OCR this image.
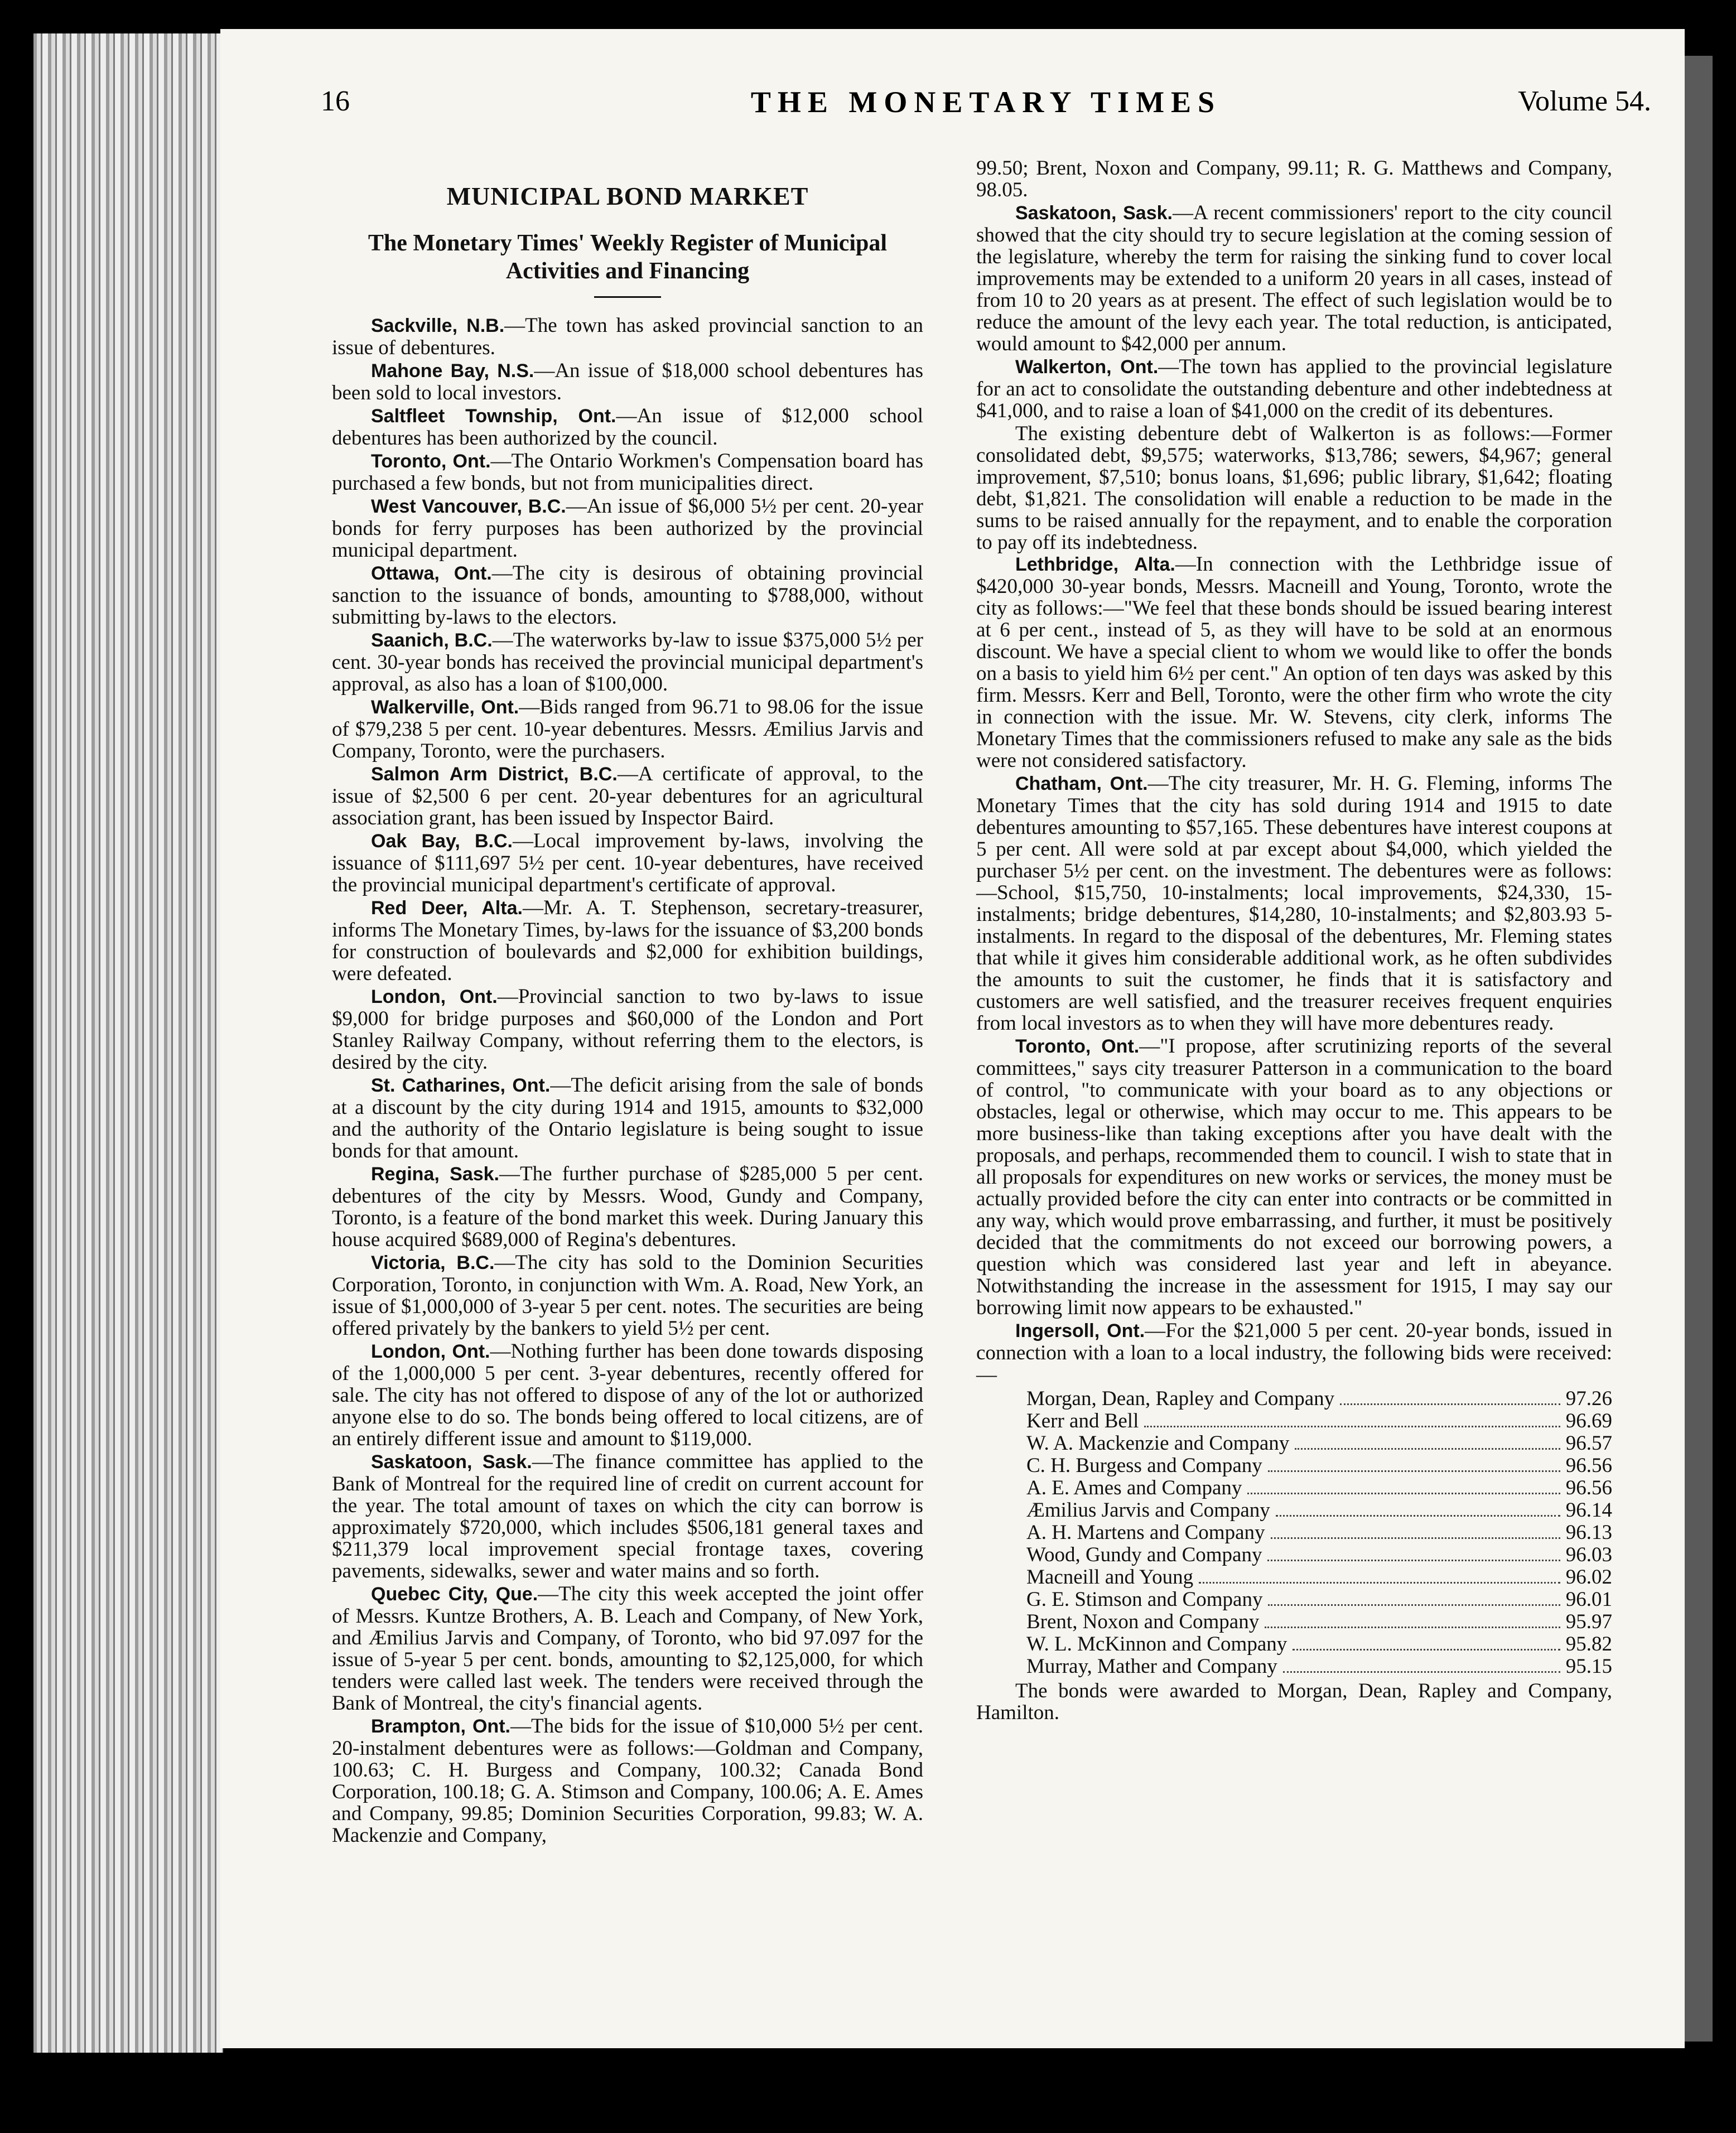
16	THE MONETARY TIMES	Volume 54.
MUNICIPAL BOND MARKET
The Monetary Times' Weekly Register of Municipal Activities and Financing

Sackville, N.B.—The town has asked provincial sanction to an issue of debentures.

Mahone Bay, N.S.—An issue of $18,000 school debentures has been sold to local investors.

Saltfleet Township, Ont.—An issue of $12,000 school debentures has been authorized by the council.

Toronto, Ont.—The Ontario Workmen's Compensation board has purchased a few bonds, but not from municipalities direct.

West Vancouver, B.C.—An issue of $6,000 5½ per cent. 20-year bonds for ferry purposes has been authorized by the provincial municipal department.

Ottawa, Ont.—The city is desirous of obtaining provincial sanction to the issuance of bonds, amounting to $788,000, without submitting by-laws to the electors.

Saanich, B.C.—The waterworks by-law to issue $375,000 5½ per cent. 30-year bonds has received the provincial municipal department's approval, as also has a loan of $100,000.

Walkerville, Ont.—Bids ranged from 96.71 to 98.06 for the issue of $79,238 5 per cent. 10-year debentures. Messrs. Æmilius Jarvis and Company, Toronto, were the purchasers.

Salmon Arm District, B.C.—A certificate of approval, to the issue of $2,500 6 per cent. 20-year debentures for an agricultural association grant, has been issued by Inspector Baird.

Oak Bay, B.C.—Local improvement by-laws, involving the issuance of $111,697 5½ per cent. 10-year debentures, have received the provincial municipal department's certificate of approval.

Red Deer, Alta.—Mr. A. T. Stephenson, secretary-treasurer, informs The Monetary Times, by-laws for the issuance of $3,200 bonds for construction of boulevards and $2,000 for exhibition buildings, were defeated.

London, Ont.—Provincial sanction to two by-laws to issue $9,000 for bridge purposes and $60,000 of the London and Port Stanley Railway Company, without referring them to the electors, is desired by the city.

St. Catharines, Ont.—The deficit arising from the sale of bonds at a discount by the city during 1914 and 1915, amounts to $32,000 and the authority of the Ontario legislature is being sought to issue bonds for that amount.

Regina, Sask.—The further purchase of $285,000 5 per cent. debentures of the city by Messrs. Wood, Gundy and Company, Toronto, is a feature of the bond market this week. During January this house acquired $689,000 of Regina's debentures.

Victoria, B.C.—The city has sold to the Dominion Securities Corporation, Toronto, in conjunction with Wm. A. Road, New York, an issue of $1,000,000 of 3-year 5 per cent. notes. The securities are being offered privately by the bankers to yield 5½ per cent.

London, Ont.—Nothing further has been done towards disposing of the 1,000,000 5 per cent. 3-year debentures, recently offered for sale. The city has not offered to dispose of any of the lot or authorized anyone else to do so. The bonds being offered to local citizens, are of an entirely different issue and amount to $119,000.

Saskatoon, Sask.—The finance committee has applied to the Bank of Montreal for the required line of credit on current account for the year. The total amount of taxes on which the city can borrow is approximately $720,000, which includes $506,181 general taxes and $211,379 local improvement special frontage taxes, covering pavements, sidewalks, sewer and water mains and so forth.

Quebec City, Que.—The city this week accepted the joint offer of Messrs. Kuntze Brothers, A. B. Leach and Company, of New York, and Æmilius Jarvis and Company, of Toronto, who bid 97.097 for the issue of 5-year 5 per cent. bonds, amounting to $2,125,000, for which tenders were called last week. The tenders were received through the Bank of Montreal, the city's financial agents.

Brampton, Ont.—The bids for the issue of $10,000 5½ per cent. 20-instalment debentures were as follows:—Goldman and Company, 100.63; C. H. Burgess and Company, 100.32; Canada Bond Corporation, 100.18; G. A. Stimson and Company, 100.06; A. E. Ames and Company, 99.85; Dominion Securities Corporation, 99.83; W. A. Mackenzie and Company,

99.50; Brent, Noxon and Company, 99.11; R. G. Matthews and Company, 98.05.

Saskatoon, Sask.—A recent commissioners' report to the city council showed that the city should try to secure legislation at the coming session of the legislature, whereby the term for raising the sinking fund to cover local improvements may be extended to a uniform 20 years in all cases, instead of from 10 to 20 years as at present. The effect of such legislation would be to reduce the amount of the levy each year. The total reduction, is anticipated, would amount to $42,000 per annum.

Walkerton, Ont.—The town has applied to the provincial legislature for an act to consolidate the outstanding debenture and other indebtedness at $41,000, and to raise a loan of $41,000 on the credit of its debentures.

The existing debenture debt of Walkerton is as follows:—Former consolidated debt, $9,575; waterworks, $13,786; sewers, $4,967; general improvement, $7,510; bonus loans, $1,696; public library, $1,642; floating debt, $1,821. The consolidation will enable a reduction to be made in the sums to be raised annually for the repayment, and to enable the corporation to pay off its indebtedness.

Lethbridge, Alta.—In connection with the Lethbridge issue of $420,000 30-year bonds, Messrs. Macneill and Young, Toronto, wrote the city as follows:—"We feel that these bonds should be issued bearing interest at 6 per cent., instead of 5, as they will have to be sold at an enormous discount. We have a special client to whom we would like to offer the bonds on a basis to yield him 6½ per cent." An option of ten days was asked by this firm. Messrs. Kerr and Bell, Toronto, were the other firm who wrote the city in connection with the issue. Mr. W. Stevens, city clerk, informs The Monetary Times that the commissioners refused to make any sale as the bids were not considered satisfactory.

Chatham, Ont.—The city treasurer, Mr. H. G. Fleming, informs The Monetary Times that the city has sold during 1914 and 1915 to date debentures amounting to $57,165. These debentures have interest coupons at 5 per cent. All were sold at par except about $4,000, which yielded the purchaser 5½ per cent. on the investment. The debentures were as follows:—School, $15,750, 10-instalments; local improvements, $24,330, 15-instalments; bridge debentures, $14,280, 10-instalments; and $2,803.93 5-instalments. In regard to the disposal of the debentures, Mr. Fleming states that while it gives him considerable additional work, as he often subdivides the amounts to suit the customer, he finds that it is satisfactory and customers are well satisfied, and the treasurer receives frequent enquiries from local investors as to when they will have more debentures ready.

Toronto, Ont.—"I propose, after scrutinizing reports of the several committees," says city treasurer Patterson in a communication to the board of control, "to communicate with your board as to any objections or obstacles, legal or otherwise, which may occur to me. This appears to be more business-like than taking exceptions after you have dealt with the proposals, and perhaps, recommended them to council. I wish to state that in all proposals for expenditures on new works or services, the money must be actually provided before the city can enter into contracts or be committed in any way, which would prove embarrassing, and further, it must be positively decided that the commitments do not exceed our borrowing powers, a question which was considered last year and left in abeyance. Notwithstanding the increase in the assessment for 1915, I may say our borrowing limit now appears to be exhausted."

Ingersoll, Ont.—For the $21,000 5 per cent. 20-year bonds, issued in connection with a loan to a local industry, the following bids were received:—

Morgan, Dean, Rapley and Company	97.26
Kerr and Bell	96.69
W. A. Mackenzie and Company	96.57
C. H. Burgess and Company	96.56
A. E. Ames and Company	96.56
Æmilius Jarvis and Company	96.14
A. H. Martens and Company	96.13
Wood, Gundy and Company	96.03
Macneill and Young	96.02
G. E. Stimson and Company	96.01
Brent, Noxon and Company	95.97
W. L. McKinnon and Company	95.82
Murray, Mather and Company	95.15

The bonds were awarded to Morgan, Dean, Rapley and Company, Hamilton.
